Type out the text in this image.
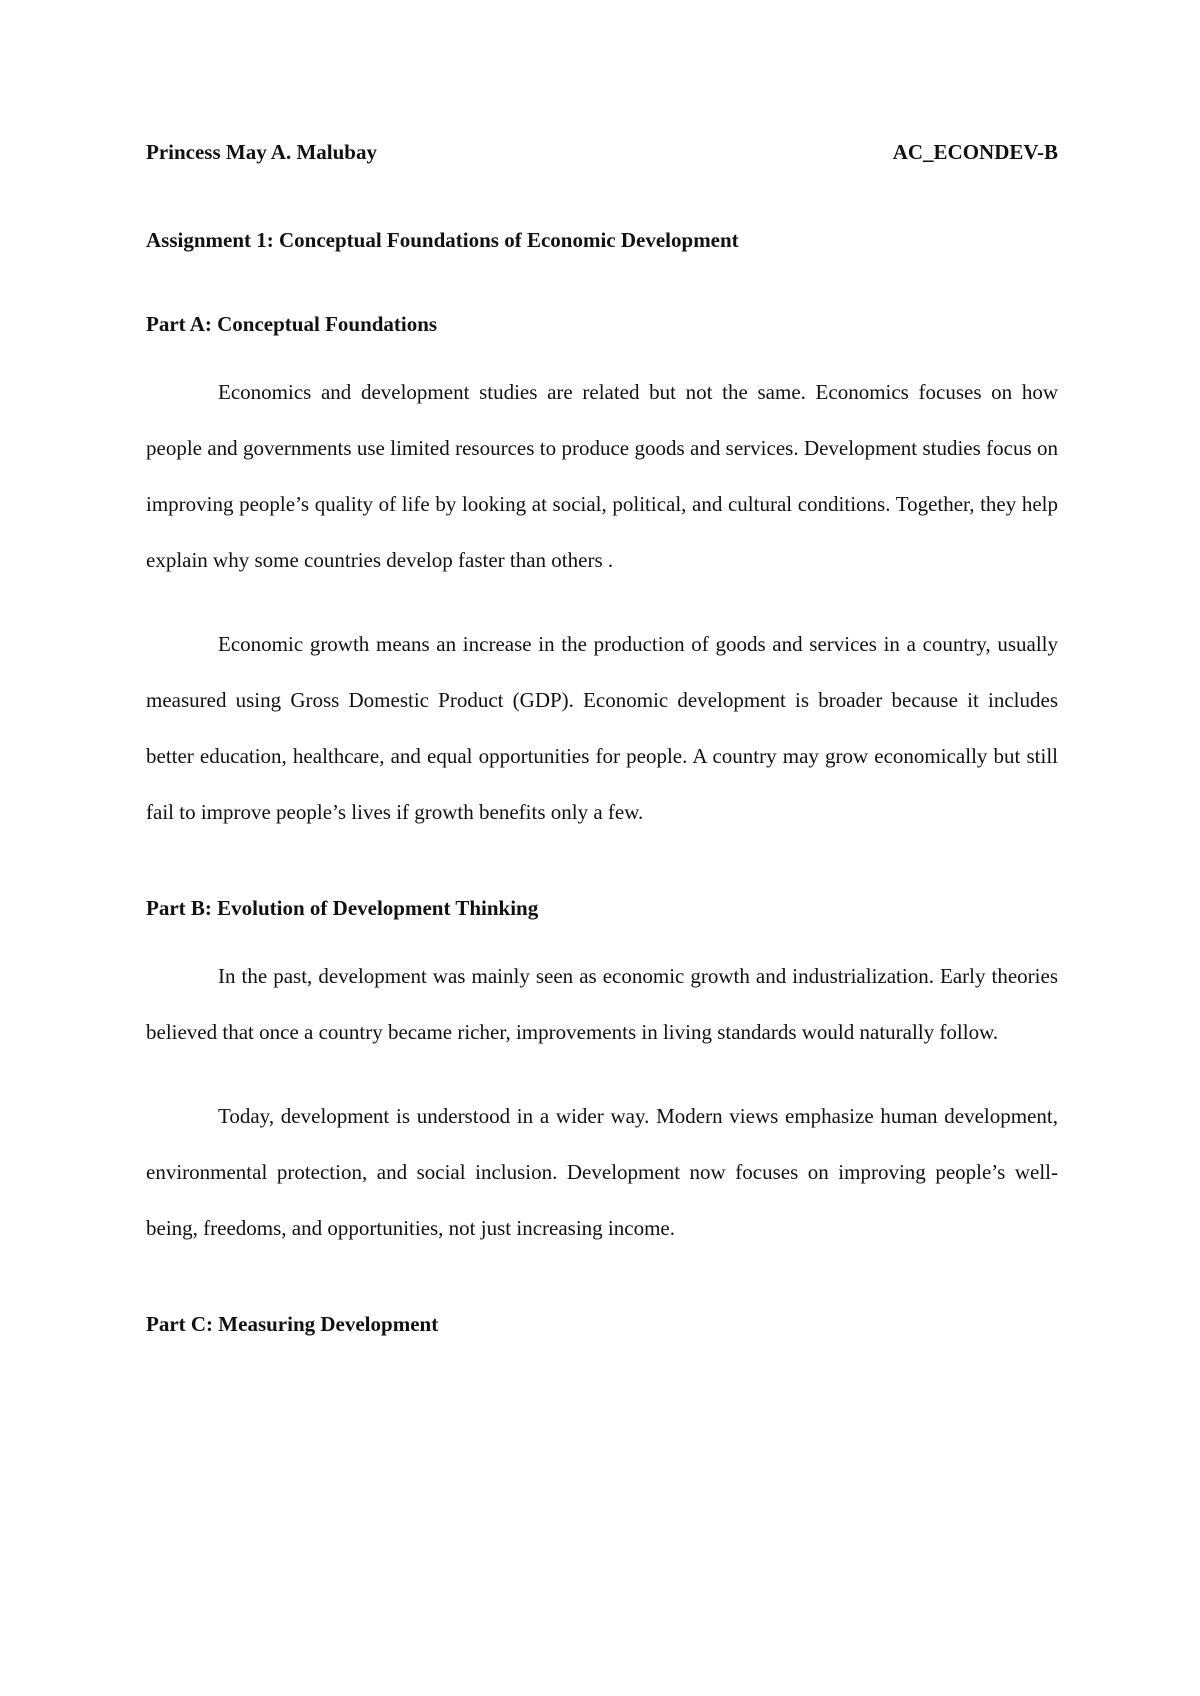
Princess May A. Malubay	AC_ECONDEV-B

Assignment 1: Conceptual Foundations of Economic Development

Part A: Conceptual Foundations

Economics and development studies are related but not the same. Economics focuses on how people and governments use limited resources to produce goods and services. Development studies focus on improving people’s quality of life by looking at social, political, and cultural conditions. Together, they help explain why some countries develop faster than others .

Economic growth means an increase in the production of goods and services in a country, usually measured using Gross Domestic Product (GDP). Economic development is broader because it includes better education, healthcare, and equal opportunities for people. A country may grow economically but still fail to improve people’s lives if growth benefits only a few.

Part B: Evolution of Development Thinking

In the past, development was mainly seen as economic growth and industrialization. Early theories believed that once a country became richer, improvements in living standards would naturally follow.

Today, development is understood in a wider way. Modern views emphasize human development, environmental protection, and social inclusion. Development now focuses on improving people’s well-being, freedoms, and opportunities, not just increasing income.

Part C: Measuring Development
